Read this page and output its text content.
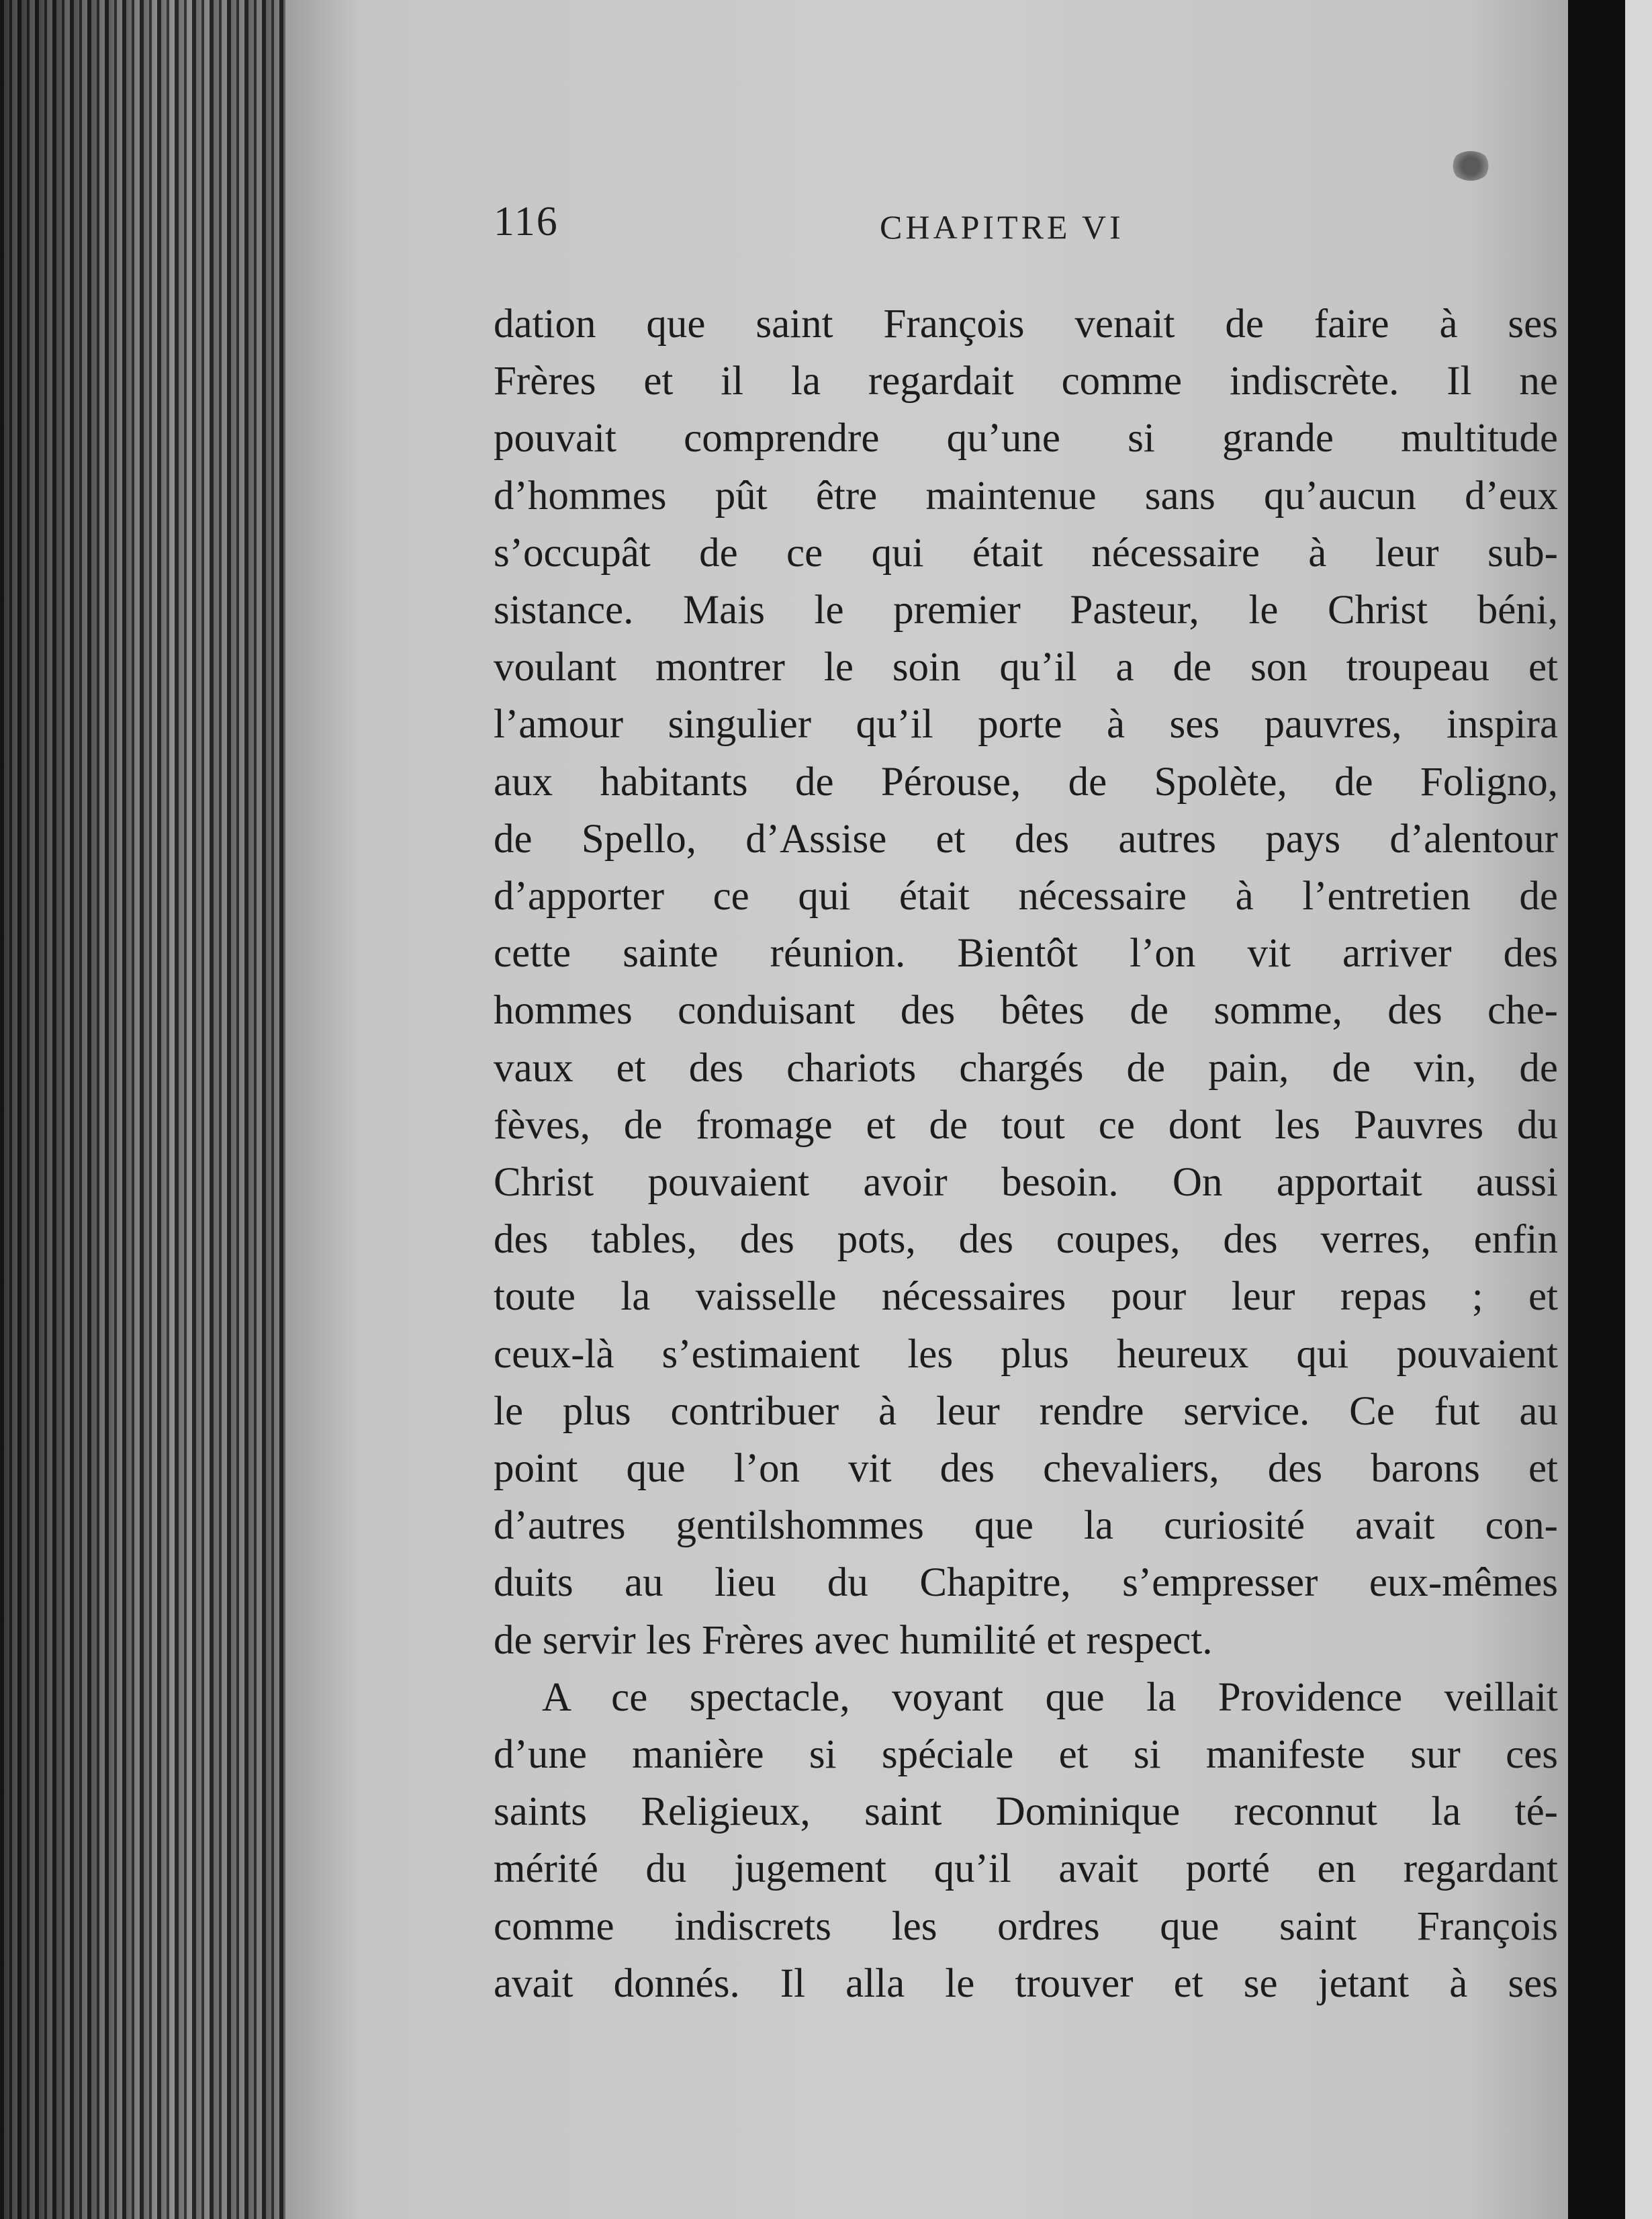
116	CHAPITRE VI
dation que saint François venait de faire à ses
Frères et il la regardait comme indiscrète. Il ne
pouvait comprendre qu’une si grande multitude
d’hommes pût être maintenue sans qu’aucun d’eux
s’occupât de ce qui était nécessaire à leur sub-
sistance. Mais le premier Pasteur, le Christ béni,
voulant montrer le soin qu’il a de son troupeau et
l’amour singulier qu’il porte à ses pauvres, inspira
aux habitants de Pérouse, de Spolète, de Foligno,
de Spello, d’Assise et des autres pays d’alentour
d’apporter ce qui était nécessaire à l’entretien de
cette sainte réunion. Bientôt l’on vit arriver des
hommes conduisant des bêtes de somme, des che-
vaux et des chariots chargés de pain, de vin, de
fèves, de fromage et de tout ce dont les Pauvres du
Christ pouvaient avoir besoin. On apportait aussi
des tables, des pots, des coupes, des verres, enfin
toute la vaisselle nécessaires pour leur repas ; et
ceux-là s’estimaient les plus heureux qui pouvaient
le plus contribuer à leur rendre service. Ce fut au
point que l’on vit des chevaliers, des barons et
d’autres gentilshommes que la curiosité avait con-
duits au lieu du Chapitre, s’empresser eux-mêmes
de servir les Frères avec humilité et respect.
A ce spectacle, voyant que la Providence veillait
d’une manière si spéciale et si manifeste sur ces
saints Religieux, saint Dominique reconnut la té-
mérité du jugement qu’il avait porté en regardant
comme indiscrets les ordres que saint François
avait donnés. Il alla le trouver et se jetant à ses
